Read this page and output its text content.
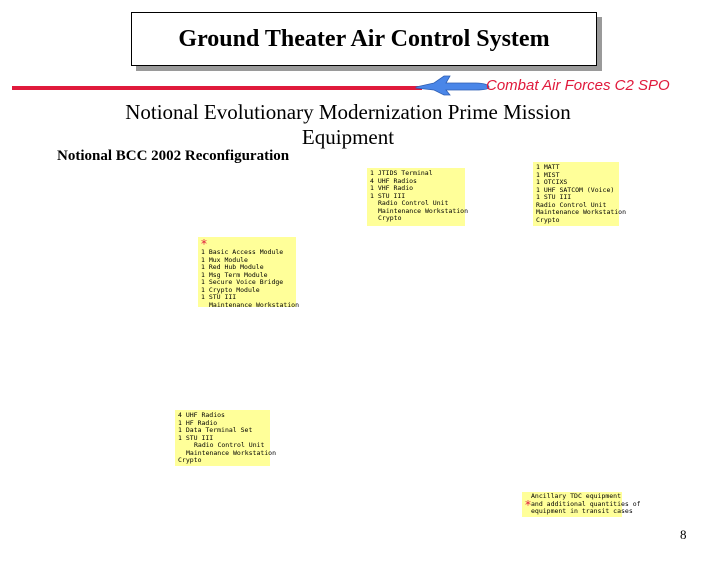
Ground Theater Air Control System
Combat Air Forces C2 SPO
Notional Evolutionary Modernization Prime Mission Equipment
Notional BCC 2002 Reconfiguration
1 JTIDS Terminal
4 UHF Radios
1 VHF Radio
1 STU III
Radio Control Unit
Maintenance Workstation
Crypto
1 MATT
1 MIST
1 OTCIXS
1 UHF SATCOM (Voice)
1 STU III
Radio Control Unit
Maintenance Workstation
Crypto
*
1 Basic Access Module
1 Mux Module
1 Red Hub Module
1 Msg Term Module
1 Secure Voice Bridge
1 Crypto Module
1 STU III
Maintenance Workstation
4 UHF Radios
1 HF Radio
1 Data Terminal Set
1 STU III
Radio Control Unit
Maintenance Workstation
Crypto
*
Ancillary TDC equipment
and additional quantities of
equipment in transit cases
8
